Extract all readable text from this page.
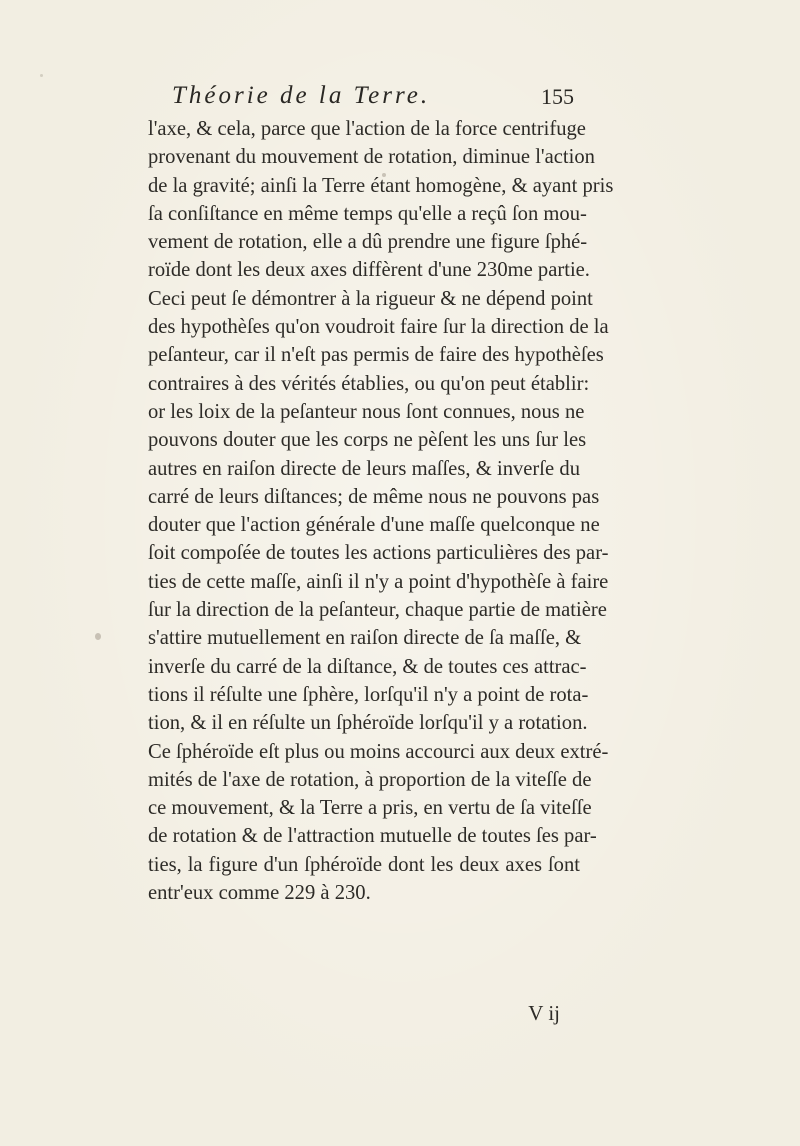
Théorie de la Terre.	155
l'axe, & cela, parce que l'action de la force centrifuge
provenant du mouvement de rotation, diminue l'action
de la gravité; ainſi la Terre étant homogène, & ayant pris
ſa conſiſtance en même temps qu'elle a reçû ſon mou-
vement de rotation, elle a dû prendre une figure ſphé-
roïde dont les deux axes diffèrent d'une 230me partie.
Ceci peut ſe démontrer à la rigueur & ne dépend point
des hypothèſes qu'on voudroit faire ſur la direction de la
peſanteur, car il n'eſt pas permis de faire des hypothèſes
contraires à des vérités établies, ou qu'on peut établir:
or les loix de la peſanteur nous ſont connues, nous ne
pouvons douter que les corps ne pèſent les uns ſur les
autres en raiſon directe de leurs maſſes, & inverſe du
carré de leurs diſtances; de même nous ne pouvons pas
douter que l'action générale d'une maſſe quelconque ne
ſoit compoſée de toutes les actions particulières des par-
ties de cette maſſe, ainſi il n'y a point d'hypothèſe à faire
ſur la direction de la peſanteur, chaque partie de matière
s'attire mutuellement en raiſon directe de ſa maſſe, &
inverſe du carré de la diſtance, & de toutes ces attrac-
tions il réſulte une ſphère, lorſqu'il n'y a point de rota-
tion, & il en réſulte un ſphéroïde lorſqu'il y a rotation.
Ce ſphéroïde eſt plus ou moins accourci aux deux extré-
mités de l'axe de rotation, à proportion de la viteſſe de
ce mouvement, & la Terre a pris, en vertu de ſa viteſſe
de rotation & de l'attraction mutuelle de toutes ſes par-
ties, la figure d'un ſphéroïde dont les deux axes ſont
entr'eux comme 229 à 230.
V ij
